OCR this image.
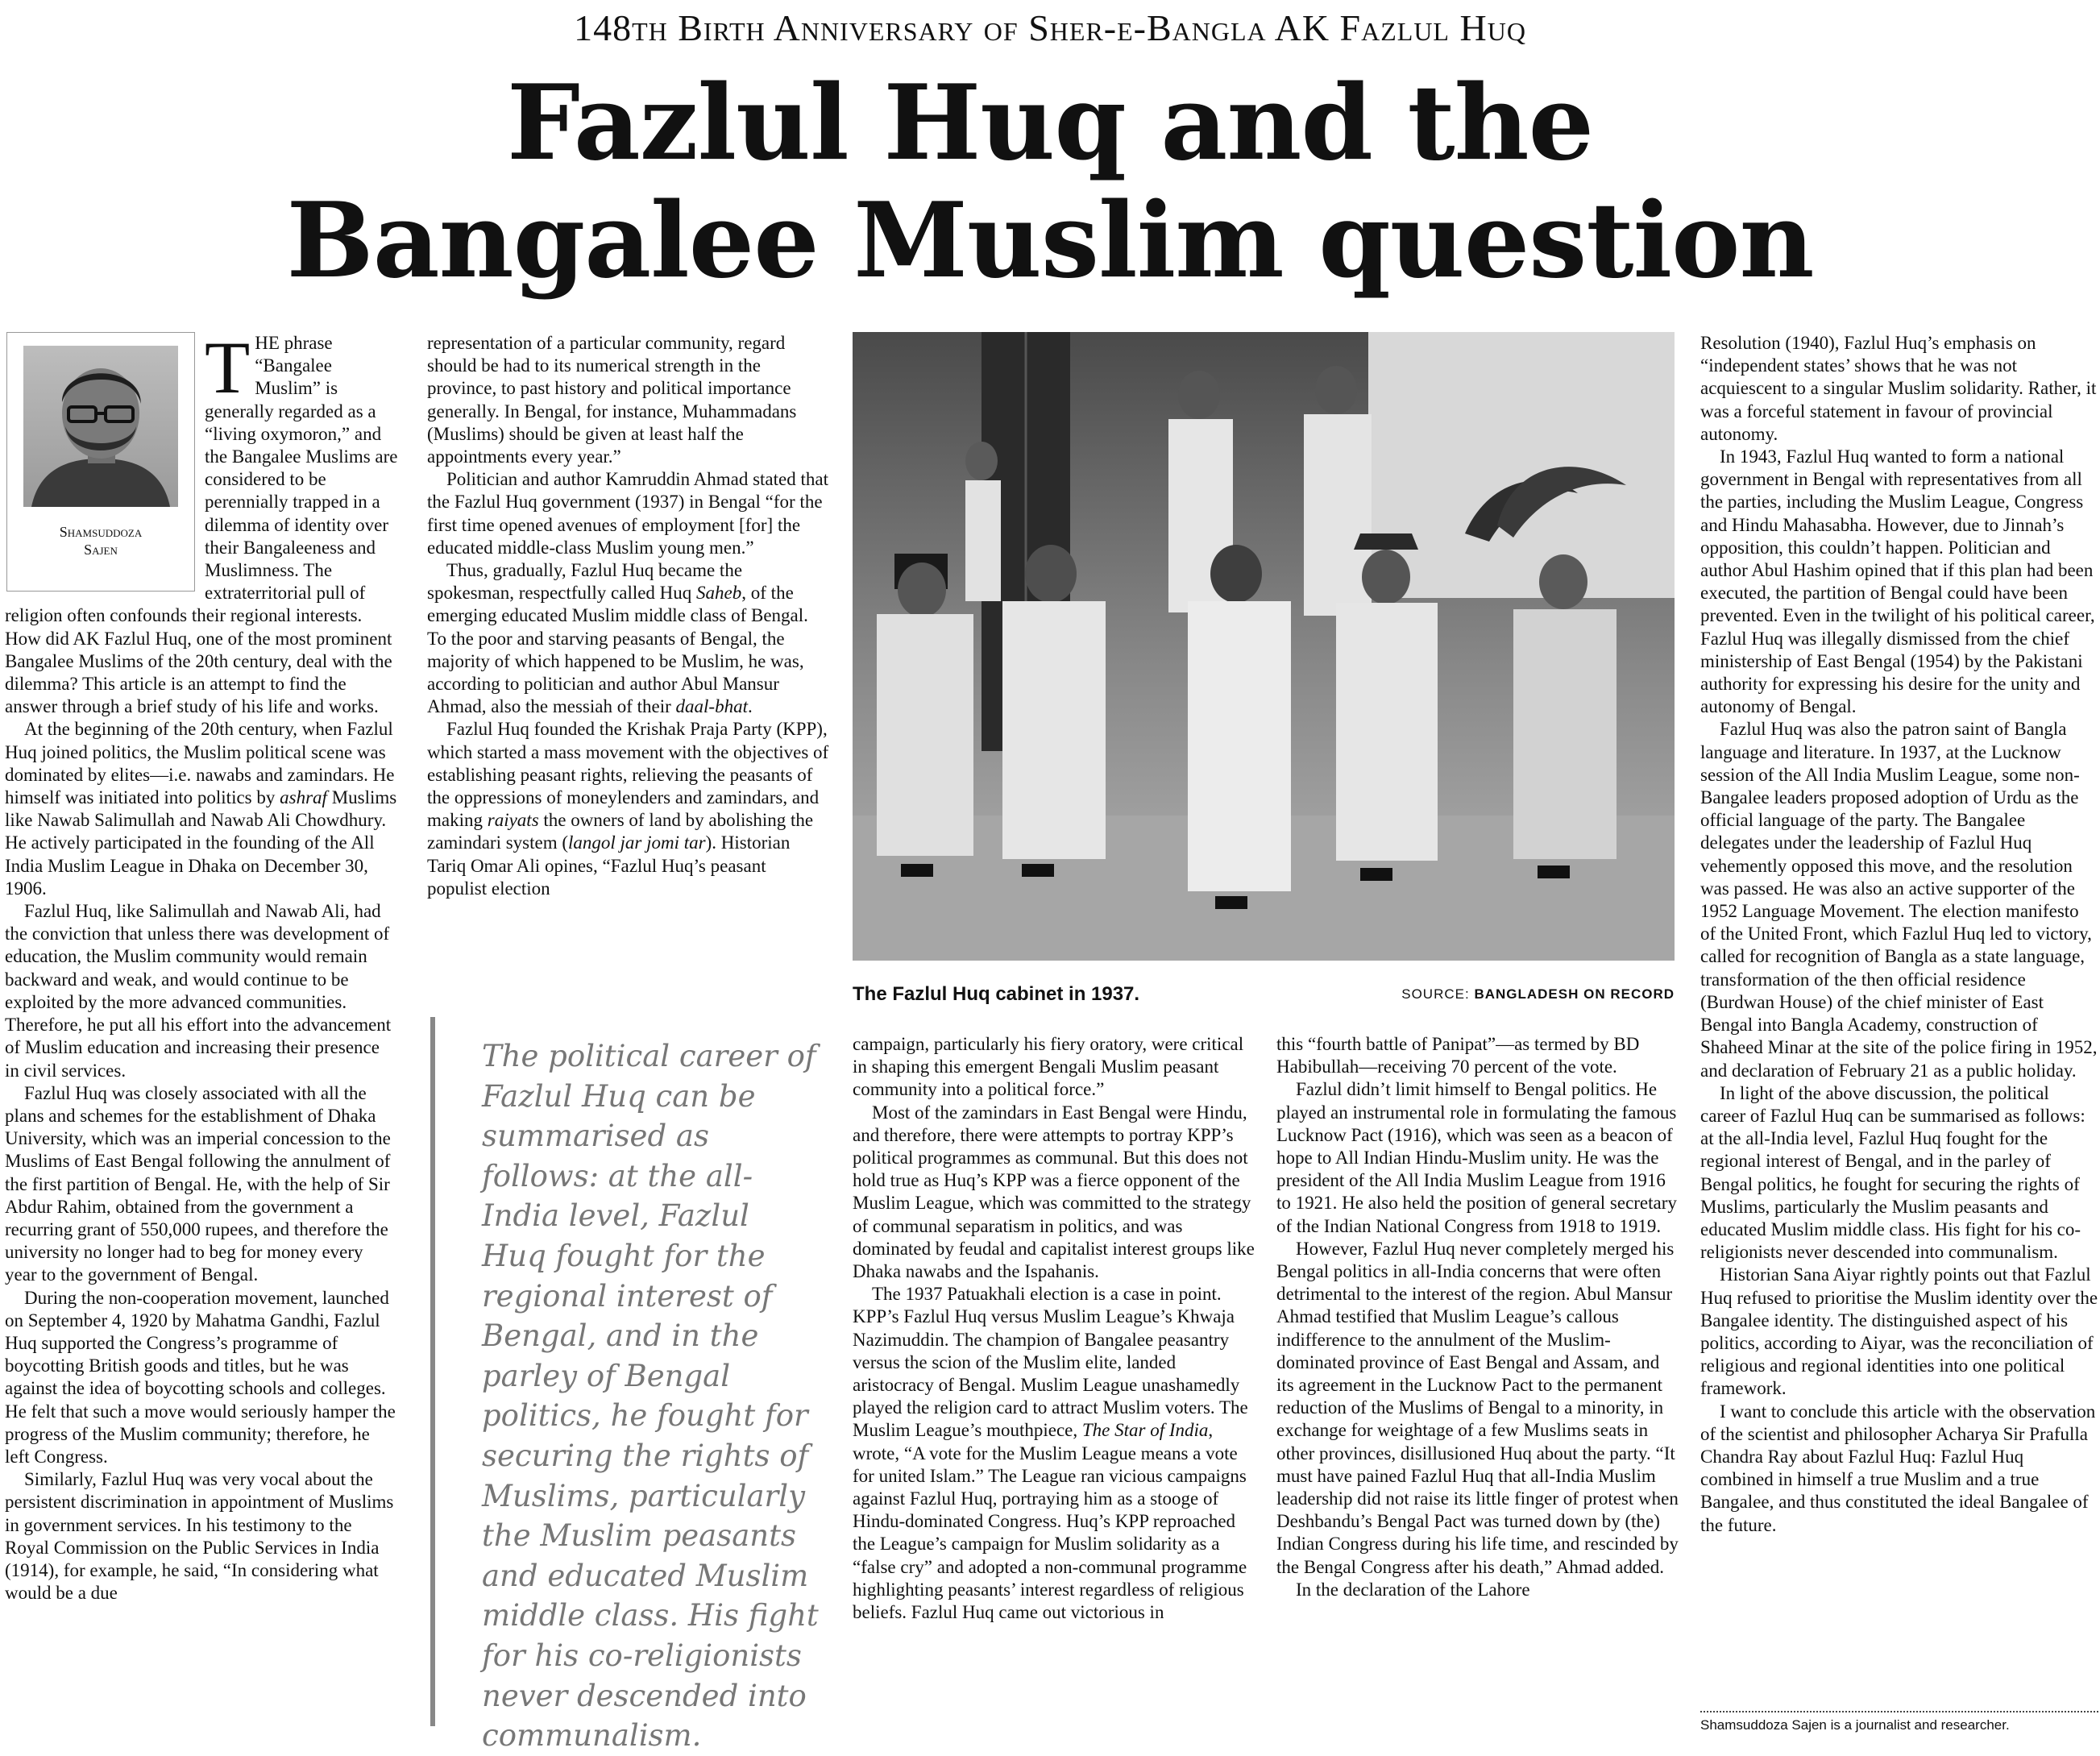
148th Birth Anniversary of Sher-e-Bangla AK Fazlul Huq
Fazlul Huq and the
Bangalee Muslim question
Shamsuddoza
Sajen

THE phrase “Bangalee Muslim” is generally regarded as a “living oxymoron,” and the Bangalee Muslims are considered to be perennially trapped in a dilemma of identity over their Bangaleeness and Muslimness. The extraterritorial pull of religion often confounds their regional interests. How did AK Fazlul Huq, one of the most prominent Bangalee Muslims of the 20th century, deal with the dilemma? This article is an attempt to find the answer through a brief study of his life and works.

At the beginning of the 20th century, when Fazlul Huq joined politics, the Muslim political scene was dominated by elites—i.e. nawabs and zamindars. He himself was initiated into politics by ashraf Muslims like Nawab Salimullah and Nawab Ali Chowdhury. He actively participated in the founding of the All India Muslim League in Dhaka on December 30, 1906.

Fazlul Huq, like Salimullah and Nawab Ali, had the conviction that unless there was development of education, the Muslim community would remain backward and weak, and would continue to be exploited by the more advanced communities. Therefore, he put all his effort into the advancement of Muslim education and increasing their presence in civil services.

Fazlul Huq was closely associated with all the plans and schemes for the establishment of Dhaka University, which was an imperial concession to the Muslims of East Bengal following the annulment of the first partition of Bengal. He, with the help of Sir Abdur Rahim, obtained from the government a recurring grant of 550,000 rupees, and therefore the university no longer had to beg for money every year to the government of Bengal.

During the non-cooperation movement, launched on September 4, 1920 by Mahatma Gandhi, Fazlul Huq supported the Congress’s programme of boycotting British goods and titles, but he was against the idea of boycotting schools and colleges. He felt that such a move would seriously hamper the progress of the Muslim community; therefore, he left Congress.

Similarly, Fazlul Huq was very vocal about the persistent discrimination in appointment of Muslims in government services. In his testimony to the Royal Commission on the Public Services in India (1914), for example, he said, “In considering what would be a due

representation of a particular community, regard should be had to its numerical strength in the province, to past history and political importance generally. In Bengal, for instance, Muhammadans (Muslims) should be given at least half the appointments every year.”

Politician and author Kamruddin Ahmad stated that the Fazlul Huq government (1937) in Bengal “for the first time opened avenues of employment [for] the educated middle-class Muslim young men.”

Thus, gradually, Fazlul Huq became the spokesman, respectfully called Huq Saheb, of the emerging educated Muslim middle class of Bengal. To the poor and starving peasants of Bengal, the majority of which happened to be Muslim, he was, according to politician and author Abul Mansur Ahmad, also the messiah of their daal-bhat.

Fazlul Huq founded the Krishak Praja Party (KPP), which started a mass movement with the objectives of establishing peasant rights, relieving the peasants of the oppressions of moneylenders and zamindars, and making raiyats the owners of land by abolishing the zamindari system (langol jar jomi tar). Historian Tariq Omar Ali opines, “Fazlul Huq’s peasant populist election

The Fazlul Huq cabinet in 1937.	SOURCE: BANGLADESH ON RECORD
The political career of Fazlul Huq can be summarised as follows: at the all-India level, Fazlul Huq fought for the regional interest of Bengal, and in the parley of Bengal politics, he fought for securing the rights of Muslims, particularly the Muslim peasants and educated Muslim middle class. His fight for his co-religionists never descended into communalism.

campaign, particularly his fiery oratory, were critical in shaping this emergent Bengali Muslim peasant community into a political force.”

Most of the zamindars in East Bengal were Hindu, and therefore, there were attempts to portray KPP’s political programmes as communal. But this does not hold true as Huq’s KPP was a fierce opponent of the Muslim League, which was committed to the strategy of communal separatism in politics, and was dominated by feudal and capitalist interest groups like Dhaka nawabs and the Ispahanis.

The 1937 Patuakhali election is a case in point. KPP’s Fazlul Huq versus Muslim League’s Khwaja Nazimuddin. The champion of Bangalee peasantry versus the scion of the Muslim elite, landed aristocracy of Bengal. Muslim League unashamedly played the religion card to attract Muslim voters. The Muslim League’s mouthpiece, The Star of India, wrote, “A vote for the Muslim League means a vote for united Islam.” The League ran vicious campaigns against Fazlul Huq, portraying him as a stooge of Hindu-dominated Congress. Huq’s KPP reproached the League’s campaign for Muslim solidarity as a “false cry” and adopted a non-communal programme highlighting peasants’ interest regardless of religious beliefs. Fazlul Huq came out victorious in

this “fourth battle of Panipat”—as termed by BD Habibullah—receiving 70 percent of the vote.

Fazlul didn’t limit himself to Bengal politics. He played an instrumental role in formulating the famous Lucknow Pact (1916), which was seen as a beacon of hope to All Indian Hindu-Muslim unity. He was the president of the All India Muslim League from 1916 to 1921. He also held the position of general secretary of the Indian National Congress from 1918 to 1919.

However, Fazlul Huq never completely merged his Bengal politics in all-India concerns that were often detrimental to the interest of the region. Abul Mansur Ahmad testified that Muslim League’s callous indifference to the annulment of the Muslim-dominated province of East Bengal and Assam, and its agreement in the Lucknow Pact to the permanent reduction of the Muslims of Bengal to a minority, in exchange for weightage of a few Muslims seats in other provinces, disillusioned Huq about the party. “It must have pained Fazlul Huq that all-India Muslim leadership did not raise its little finger of protest when Deshbandu’s Bengal Pact was turned down by (the) Indian Congress during his life time, and rescinded by the Bengal Congress after his death,” Ahmad added.

In the declaration of the Lahore

Resolution (1940), Fazlul Huq’s emphasis on “independent states’ shows that he was not acquiescent to a singular Muslim solidarity. Rather, it was a forceful statement in favour of provincial autonomy.

In 1943, Fazlul Huq wanted to form a national government in Bengal with representatives from all the parties, including the Muslim League, Congress and Hindu Mahasabha. However, due to Jinnah’s opposition, this couldn’t happen. Politician and author Abul Hashim opined that if this plan had been executed, the partition of Bengal could have been prevented. Even in the twilight of his political career, Fazlul Huq was illegally dismissed from the chief ministership of East Bengal (1954) by the Pakistani authority for expressing his desire for the unity and autonomy of Bengal.

Fazlul Huq was also the patron saint of Bangla language and literature. In 1937, at the Lucknow session of the All India Muslim League, some non-Bangalee leaders proposed adoption of Urdu as the official language of the party. The Bangalee delegates under the leadership of Fazlul Huq vehemently opposed this move, and the resolution was passed. He was also an active supporter of the 1952 Language Movement. The election manifesto of the United Front, which Fazlul Huq led to victory, called for recognition of Bangla as a state language, transformation of the then official residence (Burdwan House) of the chief minister of East Bengal into Bangla Academy, construction of Shaheed Minar at the site of the police firing in 1952, and declaration of February 21 as a public holiday.

In light of the above discussion, the political career of Fazlul Huq can be summarised as follows: at the all-India level, Fazlul Huq fought for the regional interest of Bengal, and in the parley of Bengal politics, he fought for securing the rights of Muslims, particularly the Muslim peasants and educated Muslim middle class. His fight for his co-religionists never descended into communalism.

Historian Sana Aiyar rightly points out that Fazlul Huq refused to prioritise the Muslim identity over the Bangalee identity. The distinguished aspect of his politics, according to Aiyar, was the reconciliation of religious and regional identities into one political framework.

I want to conclude this article with the observation of the scientist and philosopher Acharya Sir Prafulla Chandra Ray about Fazlul Huq: Fazlul Huq combined in himself a true Muslim and a true Bangalee, and thus constituted the ideal Bangalee of the future.

Shamsuddoza Sajen is a journalist and researcher.
